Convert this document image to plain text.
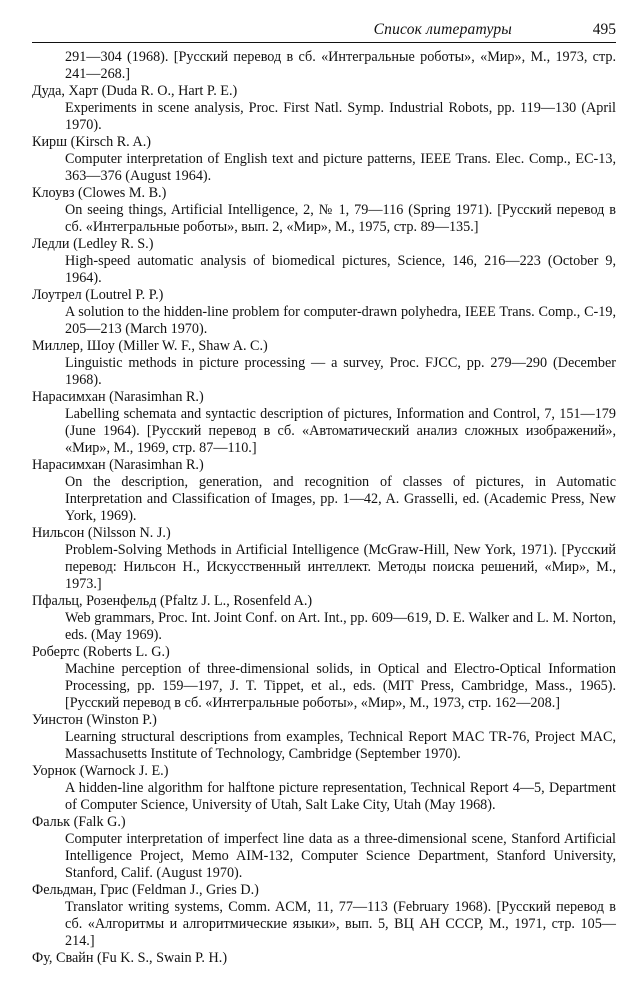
Список литературы	495

291—304 (1968). [Русский перевод в сб. «Интегральные роботы», «Мир», М., 1973, стр. 241—268.]

Дуда, Харт (Duda R. O., Hart P. E.)
Experiments in scene analysis, Proc. First Natl. Symp. Industrial Robots, pp. 119—130 (April 1970).

Кирш (Kirsch R. A.)
Computer interpretation of English text and picture patterns, IEEE Trans. Elec. Comp., EC-13, 363—376 (August 1964).

Клоувз (Clowes M. B.)
On seeing things, Artificial Intelligence, 2, № 1, 79—116 (Spring 1971). [Русский перевод в сб. «Интегральные роботы», вып. 2, «Мир», М., 1975, стр. 89—135.]

Ледли (Ledley R. S.)
High-speed automatic analysis of biomedical pictures, Science, 146, 216—223 (October 9, 1964).

Лоутрел (Loutrel P. P.)
A solution to the hidden-line problem for computer-drawn polyhedra, IEEE Trans. Comp., C-19, 205—213 (March 1970).

Миллер, Шоу (Miller W. F., Shaw A. C.)
Linguistic methods in picture processing — a survey, Proc. FJCC, pp. 279—290 (December 1968).

Нарасимхан (Narasimhan R.)
Labelling schemata and syntactic description of pictures, Information and Control, 7, 151—179 (June 1964). [Русский перевод в сб. «Автоматический анализ сложных изображений», «Мир», М., 1969, стр. 87—110.]

Нарасимхан (Narasimhan R.)
On the description, generation, and recognition of classes of pictures, in Automatic Interpretation and Classification of Images, pp. 1—42, A. Grasselli, ed. (Academic Press, New York, 1969).

Нильсон (Nilsson N. J.)
Problem-Solving Methods in Artificial Intelligence (McGraw-Hill, New York, 1971). [Русский перевод: Нильсон Н., Искусственный интеллект. Методы поиска решений, «Мир», М., 1973.]

Пфальц, Розенфельд (Pfaltz J. L., Rosenfeld A.)
Web grammars, Proc. Int. Joint Conf. on Art. Int., pp. 609—619, D. E. Walker and L. M. Norton, eds. (May 1969).

Робертс (Roberts L. G.)
Machine perception of three-dimensional solids, in Optical and Electro-Optical Information Processing, pp. 159—197, J. T. Tippet, et al., eds. (MIT Press, Cambridge, Mass., 1965). [Русский перевод в сб. «Интегральные роботы», «Мир», М., 1973, стр. 162—208.]

Уинстон (Winston P.)
Learning structural descriptions from examples, Technical Report MAC TR-76, Project MAC, Massachusetts Institute of Technology, Cambridge (September 1970).

Уорнок (Warnock J. E.)
A hidden-line algorithm for halftone picture representation, Technical Report 4—5, Department of Computer Science, University of Utah, Salt Lake City, Utah (May 1968).

Фальк (Falk G.)
Computer interpretation of imperfect line data as a three-dimensional scene, Stanford Artificial Intelligence Project, Memo AIM-132, Computer Science Department, Stanford University, Stanford, Calif. (August 1970).

Фельдман, Грис (Feldman J., Gries D.)
Translator writing systems, Comm. ACM, 11, 77—113 (February 1968). [Русский перевод в сб. «Алгоритмы и алгоритмические языки», вып. 5, ВЦ АН СССР, М., 1971, стр. 105—214.]

Фу, Свайн (Fu K. S., Swain P. H.)
